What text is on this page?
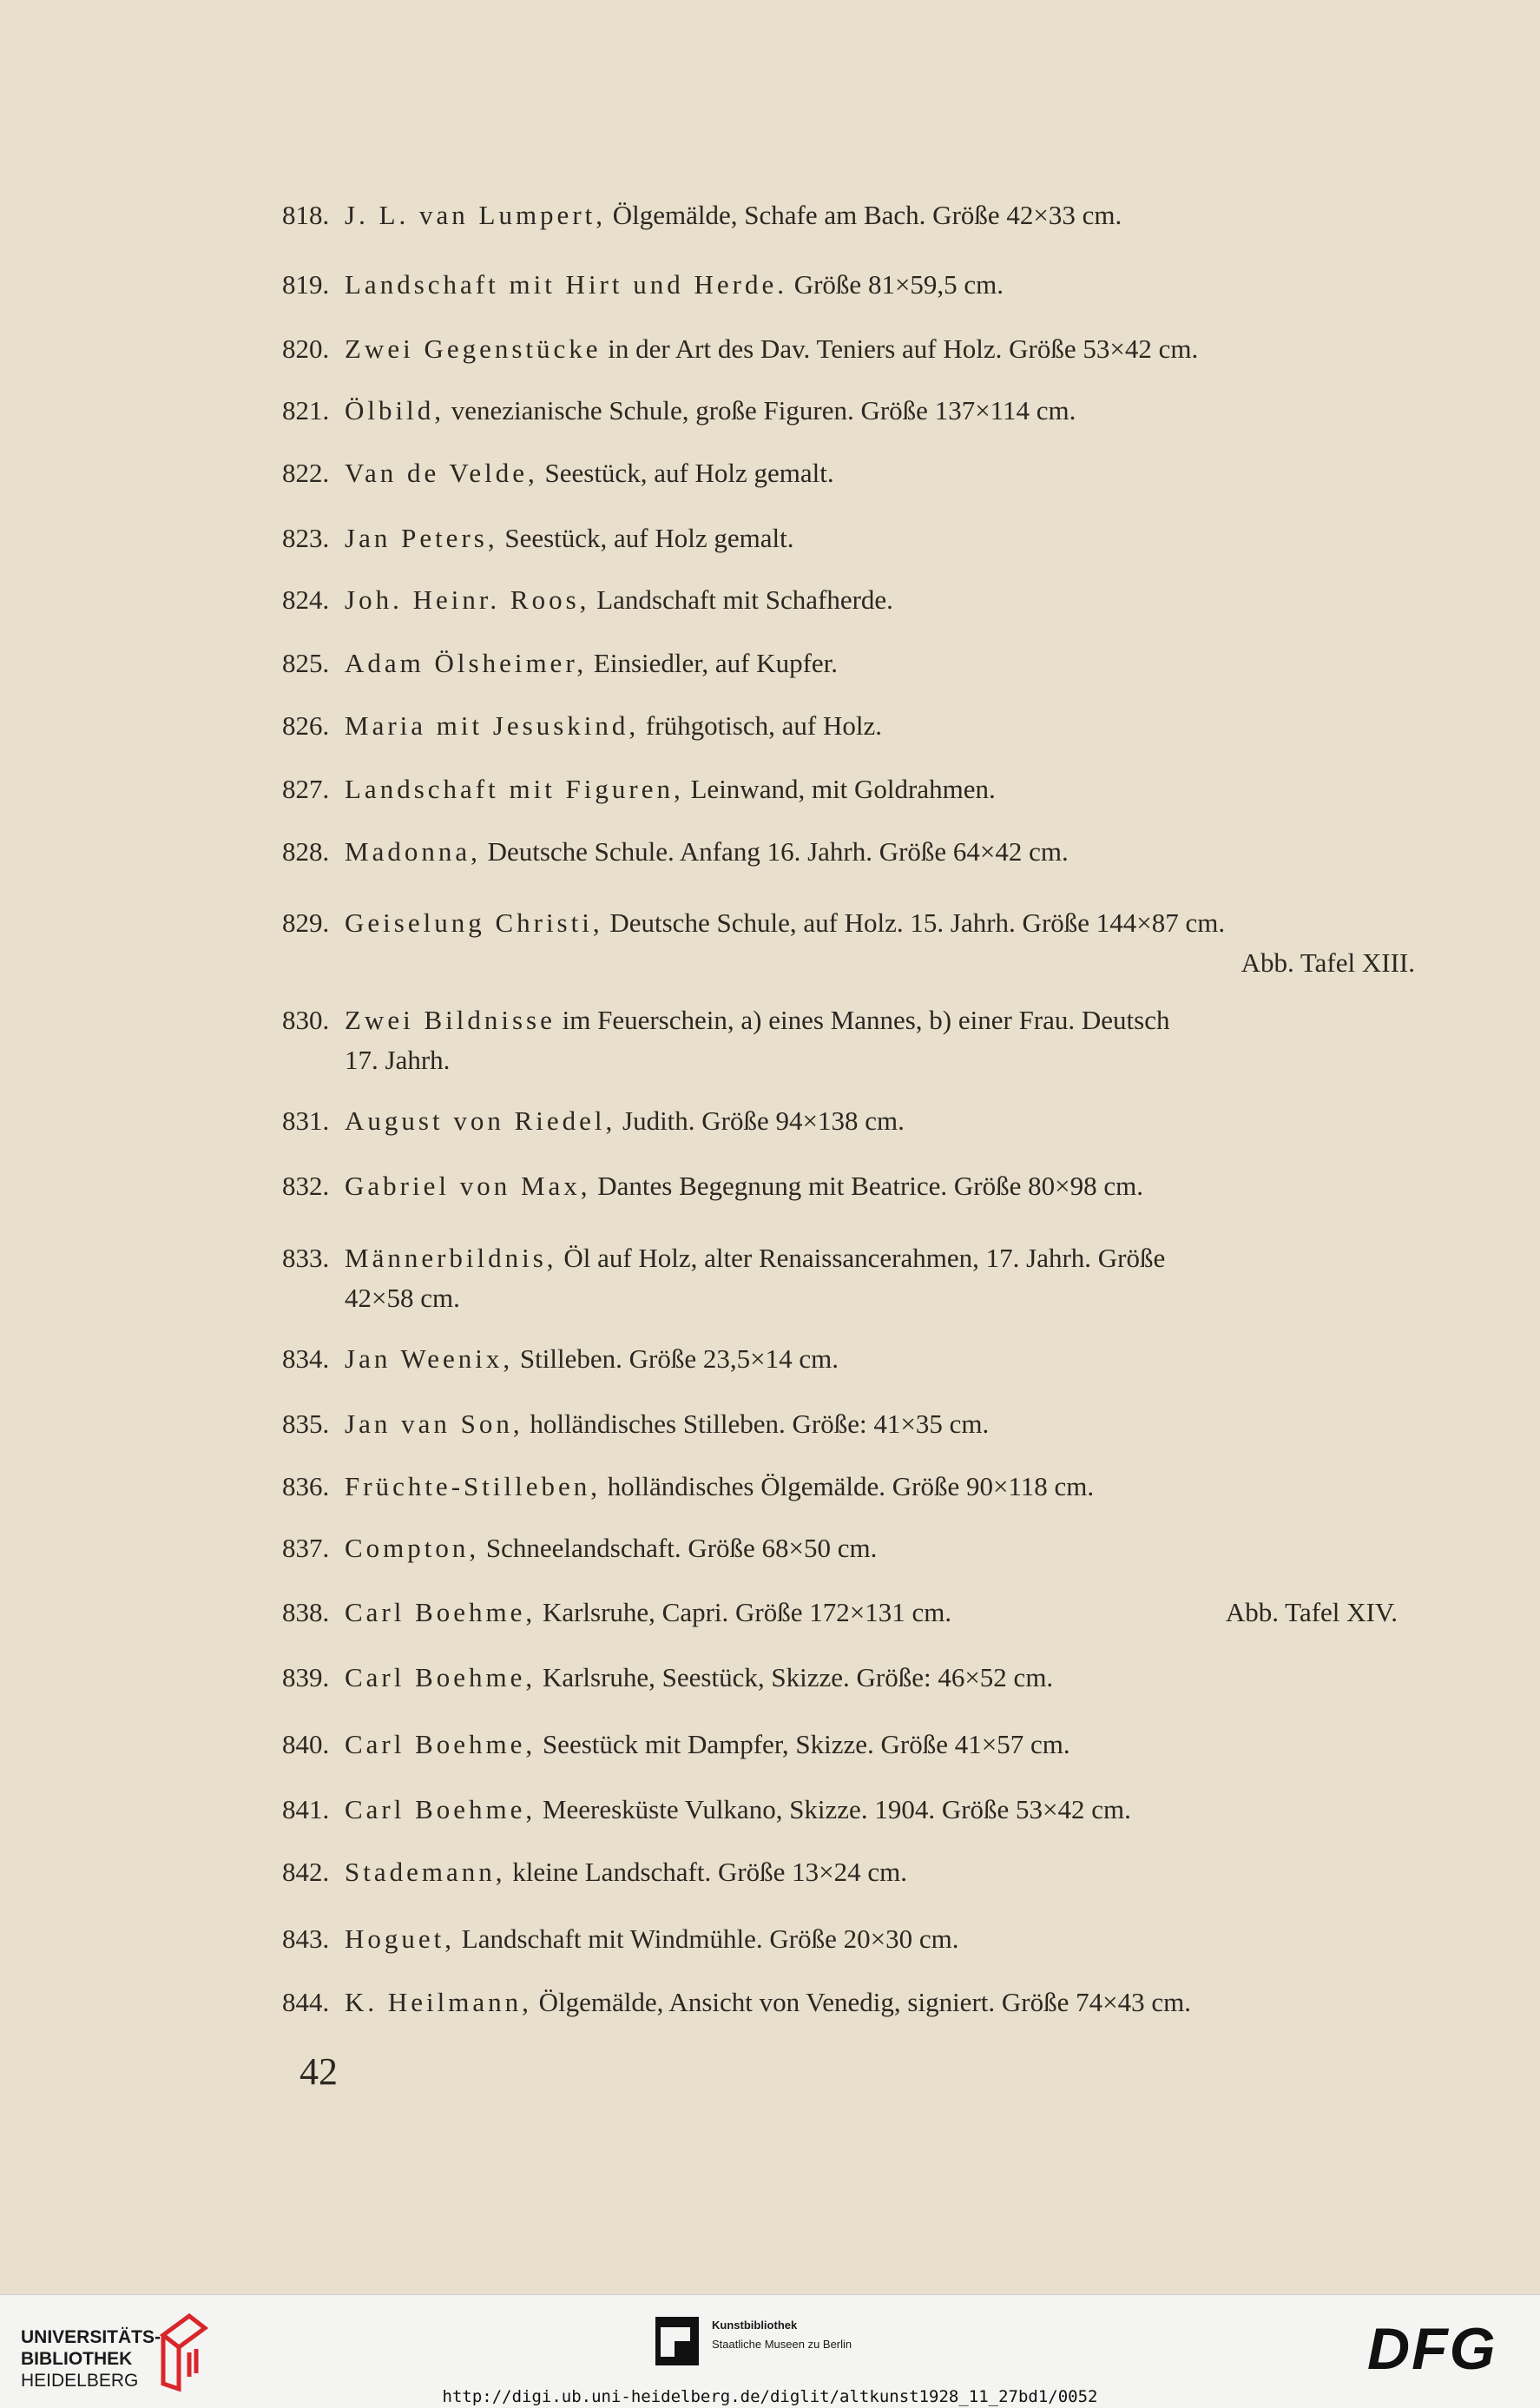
818. J. L. van Lumpert, Ölgemälde, Schafe am Bach. Größe 42×33 cm.
819. Landschaft mit Hirt und Herde. Größe 81×59,5 cm.
820. Zwei Gegenstücke in der Art des Dav. Teniers auf Holz. Größe 53×42 cm.
821. Ölbild, venezianische Schule, große Figuren. Größe 137×114 cm.
822. Van de Velde, Seestück, auf Holz gemalt.
823. Jan Peters, Seestück, auf Holz gemalt.
824. Joh. Heinr. Roos, Landschaft mit Schafherde.
825. Adam Ölsheimer, Einsiedler, auf Kupfer.
826. Maria mit Jesuskind, frühgotisch, auf Holz.
827. Landschaft mit Figuren, Leinwand, mit Goldrahmen.
828. Madonna, Deutsche Schule. Anfang 16. Jahrh. Größe 64×42 cm.
829. Geiselung Christi, Deutsche Schule, auf Holz. 15. Jahrh. Größe 144×87 cm.
Abb. Tafel XIII.
830. Zwei Bildnisse im Feuerschein, a) eines Mannes, b) einer Frau. Deutsch
17. Jahrh.
831. August von Riedel, Judith. Größe 94×138 cm.
832. Gabriel von Max, Dantes Begegnung mit Beatrice. Größe 80×98 cm.
833. Männerbildnis, Öl auf Holz, alter Renaissancerahmen, 17. Jahrh. Größe
42×58 cm.
834. Jan Weenix, Stilleben. Größe 23,5×14 cm.
835. Jan van Son, holländisches Stilleben. Größe: 41×35 cm.
836. Früchte-Stilleben, holländisches Ölgemälde. Größe 90×118 cm.
837. Compton, Schneelandschaft. Größe 68×50 cm.
838. Carl Boehme, Karlsruhe, Capri. Größe 172×131 cm.	Abb. Tafel XIV.
839. Carl Boehme, Karlsruhe, Seestück, Skizze. Größe: 46×52 cm.
840. Carl Boehme, Seestück mit Dampfer, Skizze. Größe 41×57 cm.
841. Carl Boehme, Meeresküste Vulkano, Skizze. 1904. Größe 53×42 cm.
842. Stademann, kleine Landschaft. Größe 13×24 cm.
843. Hoguet, Landschaft mit Windmühle. Größe 20×30 cm.
844. K. Heilmann, Ölgemälde, Ansicht von Venedig, signiert. Größe 74×43 cm.
42
UNIVERSITÄTS-
BIBLIOTHEK
HEIDELBERG
Kunstbibliothek
Staatliche Museen zu Berlin	DFG
http://digi.ub.uni-heidelberg.de/diglit/altkunst1928_11_27bd1/0052
